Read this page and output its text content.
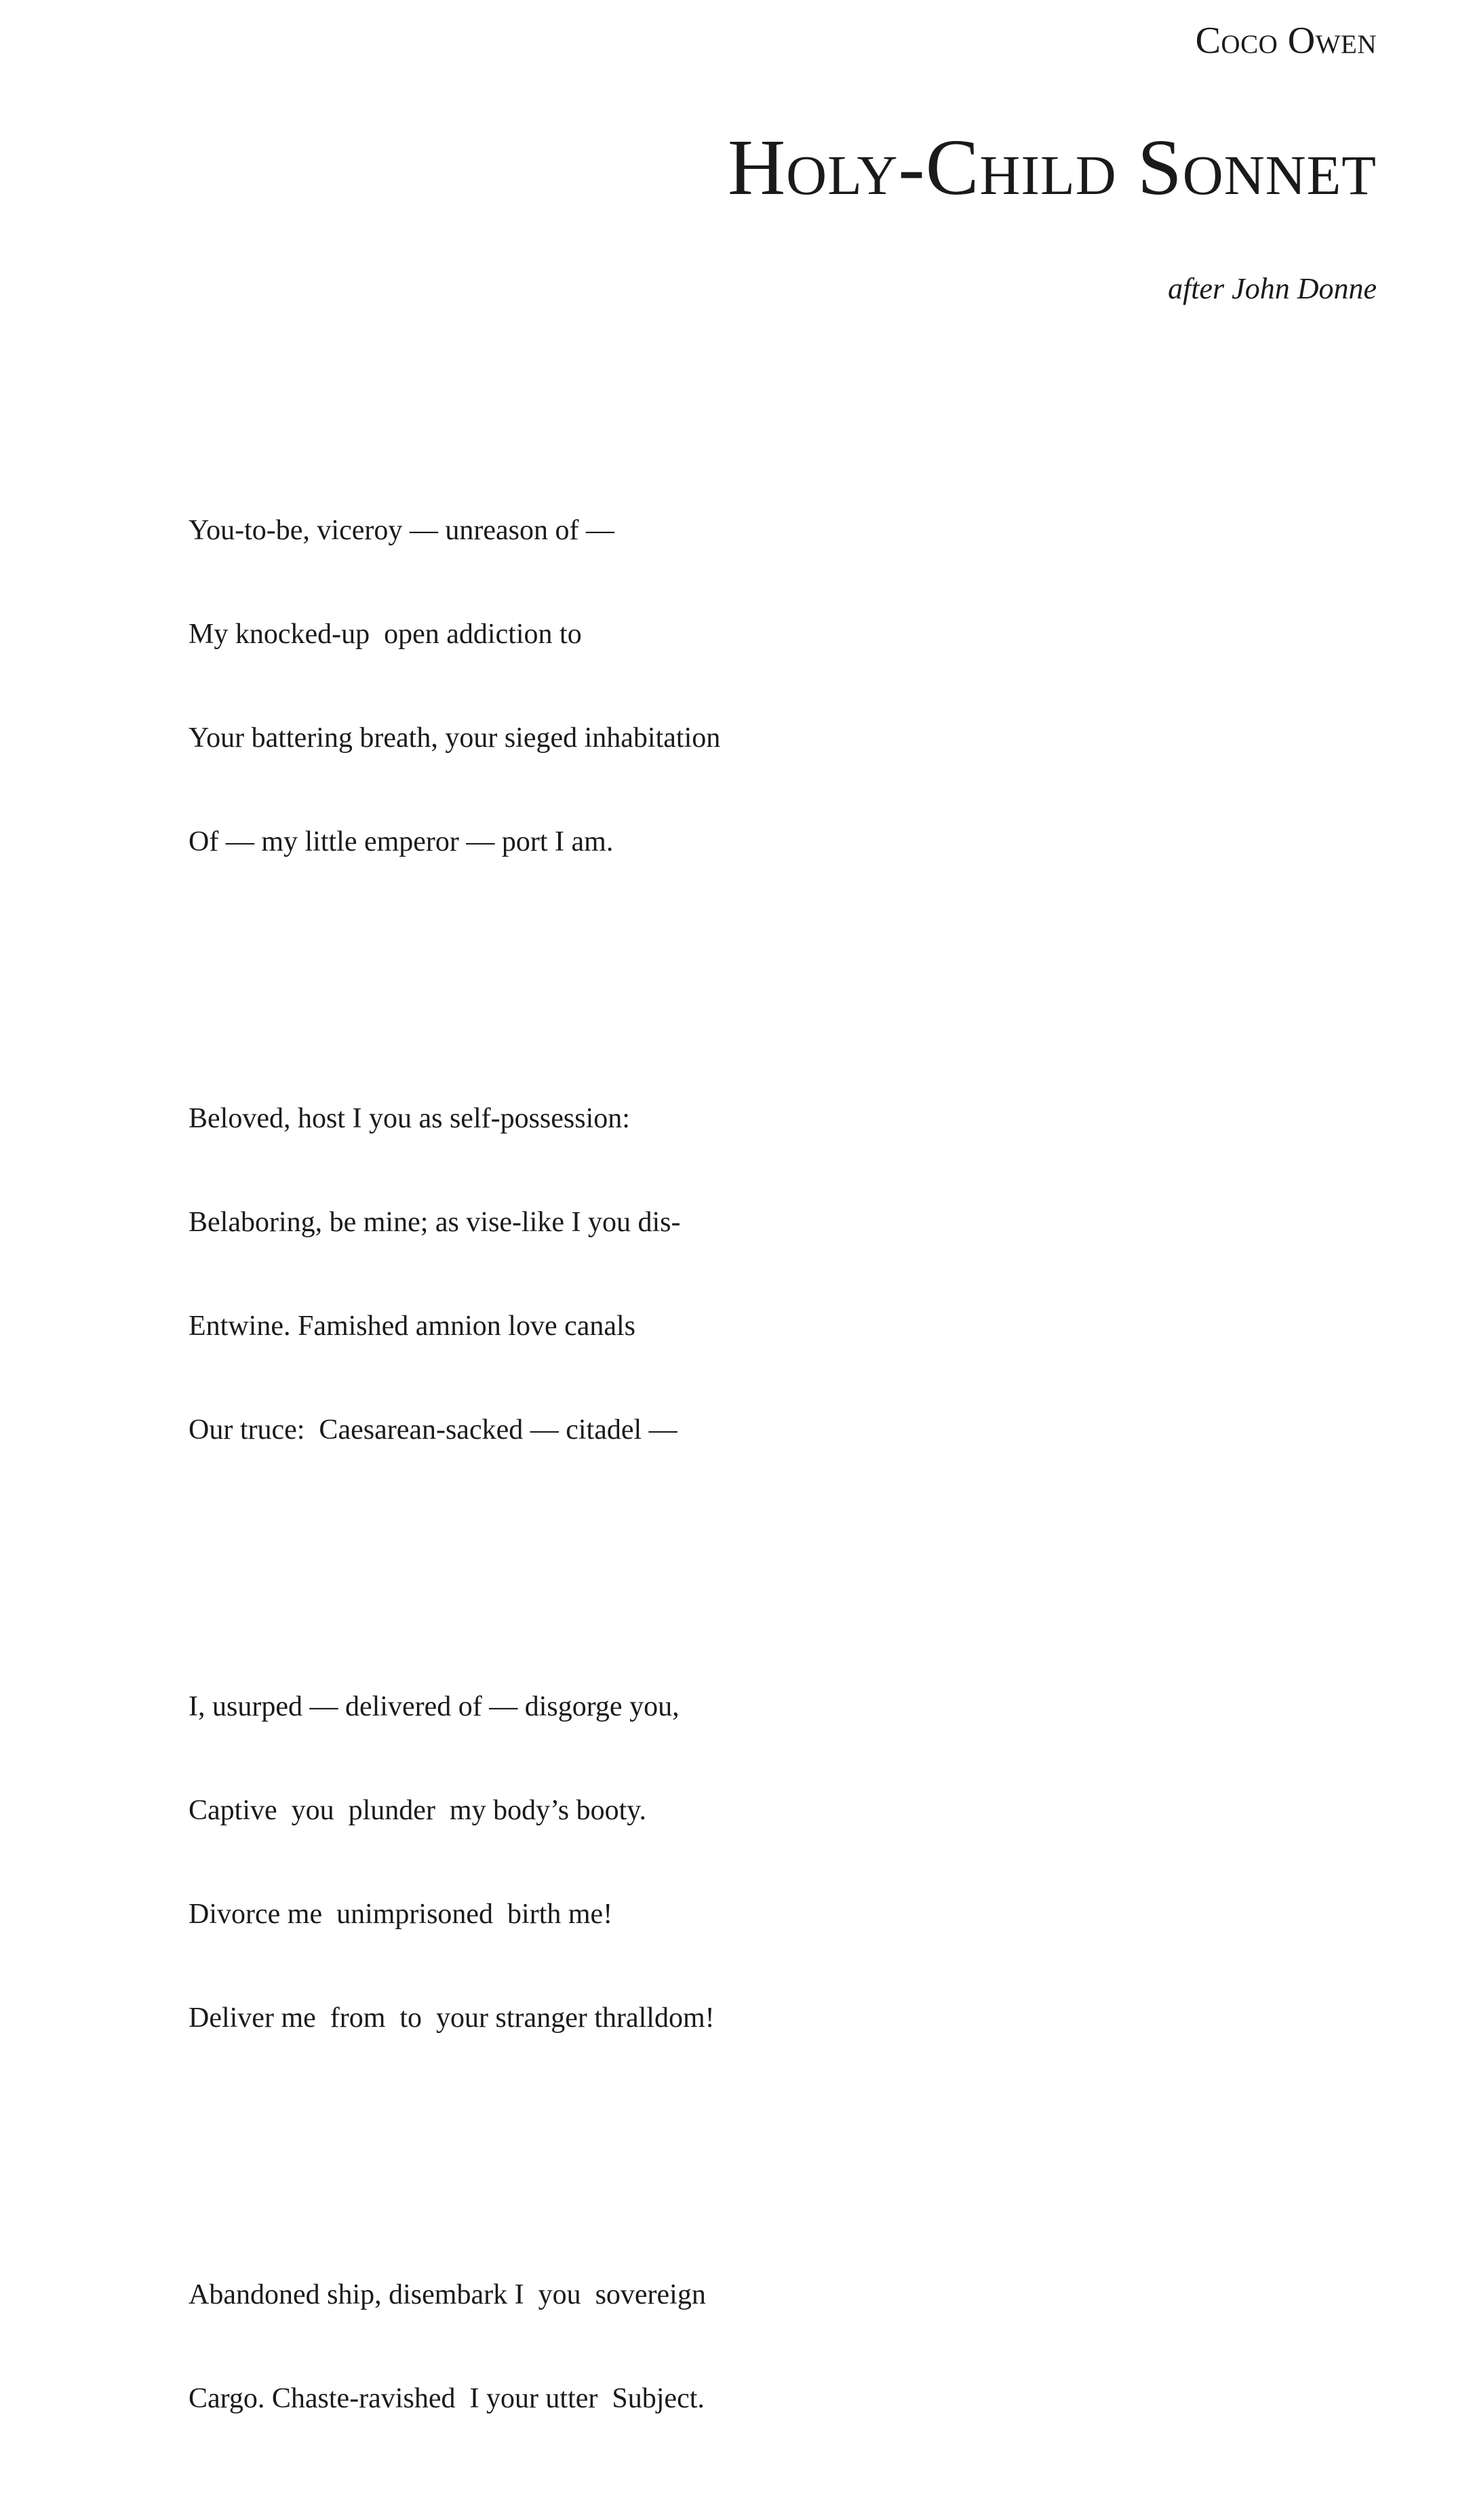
Coco Owen
Holy-Child Sonnet
after John Donne

You-to-be, viceroy — unreason of —

My knocked-up  open addiction to

Your battering breath, your sieged inhabitation

Of — my little emperor — port I am.

Beloved, host I you as self-possession:

Belaboring, be mine; as vise-like I you dis-

Entwine. Famished amnion love canals

Our truce:  Caesarean-sacked — citadel —

I, usurped — delivered of — disgorge you,

Captive  you  plunder  my body’s booty.

Divorce me  unimprisoned  birth me!

Deliver me  from  to  your stranger thralldom!

Abandoned ship, disembark I  you  sovereign

Cargo. Chaste-ravished  I your utter  Subject.
